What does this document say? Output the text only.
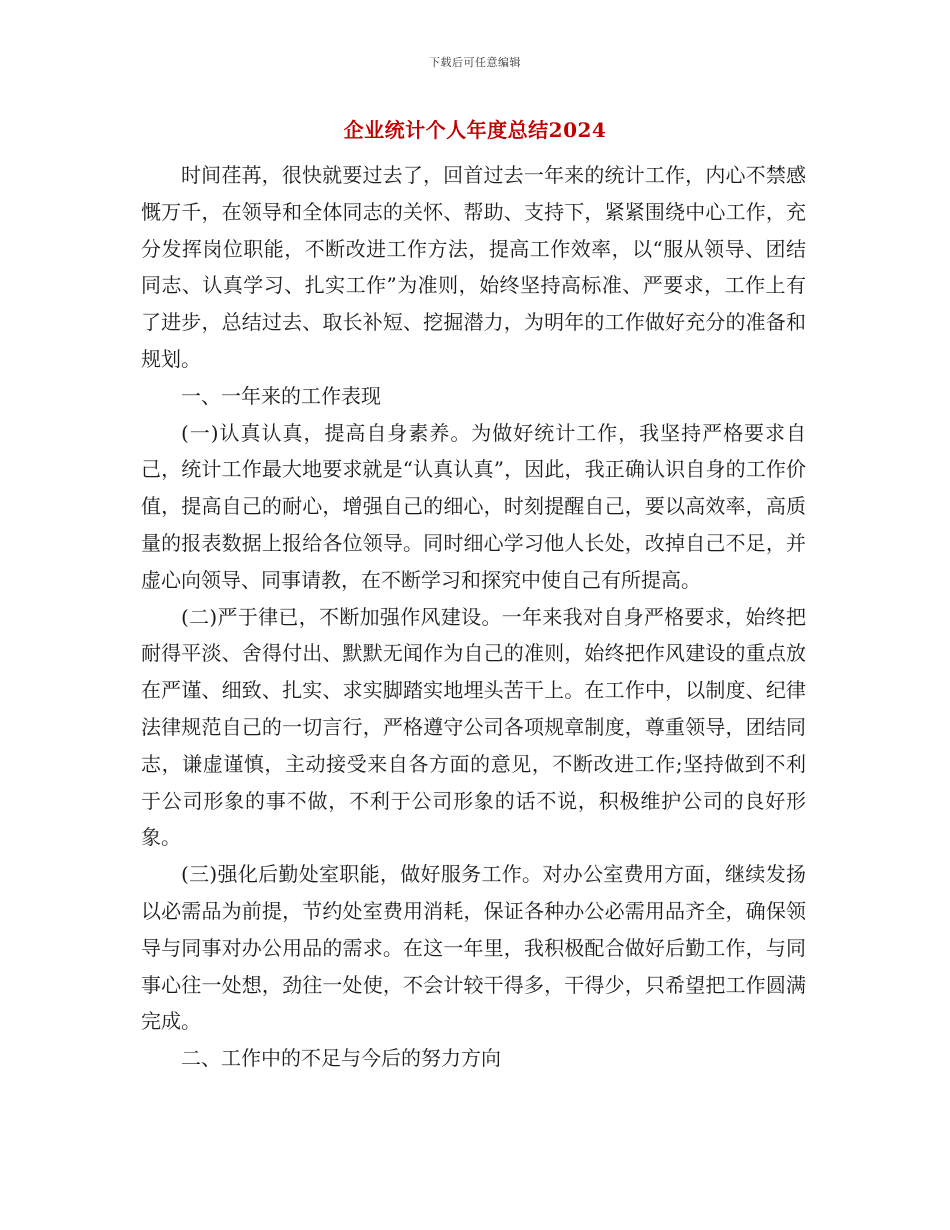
下载后可任意编辑
企业统计个人年度总结2024

时间荏苒，很快就要过去了，回首过去一年来的统计工作，内心不禁感慨万千，在领导和全体同志的关怀、帮助、支持下，紧紧围绕中心工作，充分发挥岗位职能，不断改进工作方法，提高工作效率，以“服从领导、团结同志、认真学习、扎实工作”为准则，始终坚持高标准、严要求，工作上有了进步，总结过去、取长补短、挖掘潜力，为明年的工作做好充分的准备和规划。

一、一年来的工作表现

(一)认真认真，提高自身素养。为做好统计工作，我坚持严格要求自己，统计工作最大地要求就是“认真认真”，因此，我正确认识自身的工作价值，提高自己的耐心，增强自己的细心，时刻提醒自己，要以高效率，高质量的报表数据上报给各位领导。同时细心学习他人长处，改掉自己不足，并虚心向领导、同事请教，在不断学习和探究中使自己有所提高。

(二)严于律已，不断加强作风建设。一年来我对自身严格要求，始终把耐得平淡、舍得付出、默默无闻作为自己的准则，始终把作风建设的重点放在严谨、细致、扎实、求实脚踏实地埋头苦干上。在工作中，以制度、纪律法律规范自己的一切言行，严格遵守公司各项规章制度，尊重领导，团结同志，谦虚谨慎，主动接受来自各方面的意见，不断改进工作;坚持做到不利于公司形象的事不做，不利于公司形象的话不说，积极维护公司的良好形象。

(三)强化后勤处室职能，做好服务工作。对办公室费用方面，继续发扬以必需品为前提，节约处室费用消耗，保证各种办公必需用品齐全，确保领导与同事对办公用品的需求。在这一年里，我积极配合做好后勤工作，与同事心往一处想，劲往一处使，不会计较干得多，干得少，只希望把工作圆满完成。

二、工作中的不足与今后的努力方向
